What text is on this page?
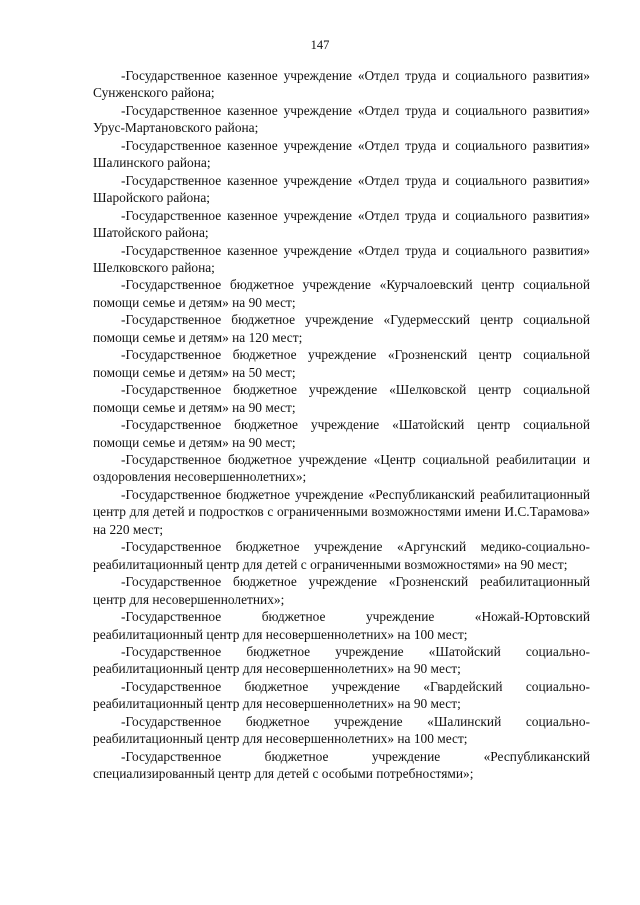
147

-Государственное казенное учреждение «Отдел труда и социального развития» Сунженского района;

-Государственное казенное учреждение «Отдел труда и социального развития» Урус-Мартановского района;

-Государственное казенное учреждение «Отдел труда и социального развития» Шалинского района;

-Государственное казенное учреждение «Отдел труда и социального развития» Шаройского района;

-Государственное казенное учреждение «Отдел труда и социального развития» Шатойского района;

-Государственное казенное учреждение «Отдел труда и социального развития» Шелковского района;

-Государственное бюджетное учреждение «Курчалоевский центр социальной помощи семье и детям» на 90 мест;

-Государственное бюджетное учреждение «Гудермесский центр социальной помощи семье и детям» на 120 мест;

-Государственное бюджетное учреждение «Грозненский центр социальной помощи семье и детям» на 50 мест;

-Государственное бюджетное учреждение «Шелковской центр социальной помощи семье и детям» на 90 мест;

-Государственное бюджетное учреждение «Шатойский центр социальной помощи семье и детям» на 90 мест;

-Государственное бюджетное учреждение «Центр социальной реабилитации и оздоровления несовершеннолетних»;

-Государственное бюджетное учреждение «Республиканский реабилитационный центр для детей и подростков с ограниченными возможностями имени И.С.Тарамова» на 220 мест;

-Государственное бюджетное учреждение «Аргунский медико-социально-реабилитационный центр для детей с ограниченными возможностями» на 90 мест;

-Государственное бюджетное учреждение «Грозненский реабилитационный центр для несовершеннолетних»;

-Государственное бюджетное учреждение «Ножай-Юртовский реабилитационный центр для несовершеннолетних» на 100 мест;

-Государственное бюджетное учреждение «Шатойский социально-реабилитационный центр для несовершеннолетних» на 90 мест;

-Государственное бюджетное учреждение «Гвардейский социально-реабилитационный центр для несовершеннолетних» на 90 мест;

-Государственное бюджетное учреждение «Шалинский социально-реабилитационный центр для несовершеннолетних» на 100 мест;

-Государственное бюджетное учреждение «Республиканский специализированный центр для детей с особыми потребностями»;
